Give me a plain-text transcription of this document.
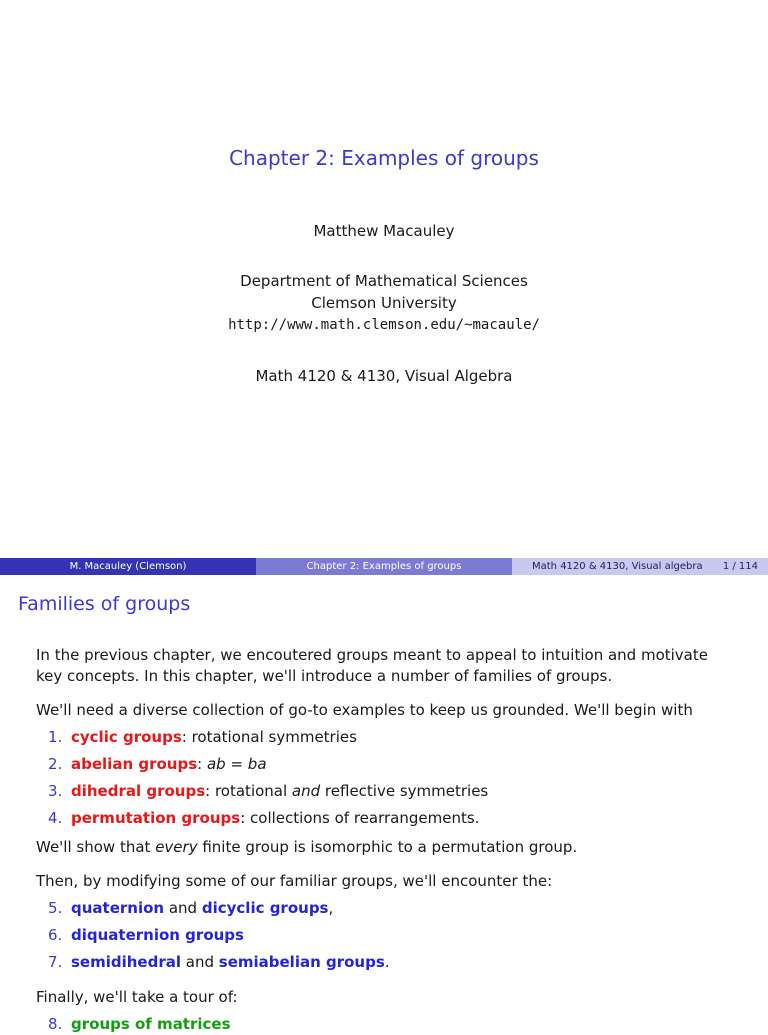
Chapter 2: Examples of groups
Matthew Macauley
Department of Mathematical Sciences
Clemson University
http://www.math.clemson.edu/~macaule/
Math 4120 & 4130, Visual Algebra
M. Macauley (Clemson)	Chapter 2: Examples of groups	Math 4120 & 4130, Visual algebra 1 / 114
Families of groups

In the previous chapter, we encoutered groups meant to appeal to intuition and motivate
key concepts. In this chapter, we'll introduce a number of families of groups.

We'll need a diverse collection of go-to examples to keep us grounded. We'll begin with

1. cyclic groups: rotational symmetries
2. abelian groups: ab = ba
3. dihedral groups: rotational and reflective symmetries
4. permutation groups: collections of rearrangements.

We'll show that every finite group is isomorphic to a permutation group.

Then, by modifying some of our familiar groups, we'll encounter the:

5. quaternion and dicyclic groups,
6. diquaternion groups
7. semidihedral and semiabelian groups.

Finally, we'll take a tour of:

8. groups of matrices
